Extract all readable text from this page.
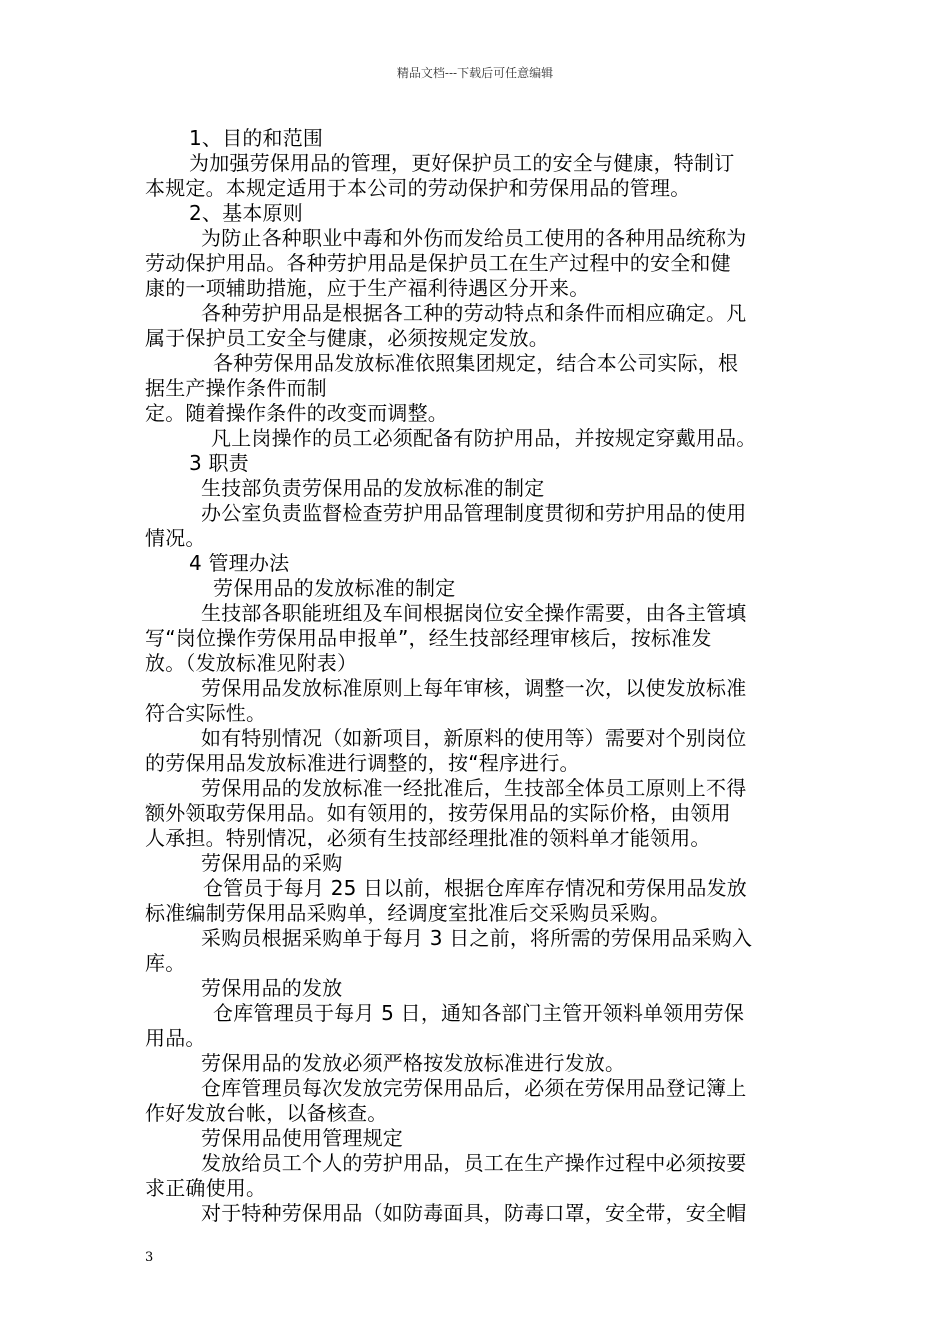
精品文档---下载后可任意编辑
1、目的和范围
为加强劳保用品的管理，更好保护员工的安全与健康，特制订
本规定。本规定适用于本公司的劳动保护和劳保用品的管理。
2、基本原则
为防止各种职业中毒和外伤而发给员工使用的各种用品统称为
劳动保护用品。各种劳护用品是保护员工在生产过程中的安全和健
康的一项辅助措施，应于生产福利待遇区分开来。
各种劳护用品是根据各工种的劳动特点和条件而相应确定。凡
属于保护员工安全与健康，必须按规定发放。
各种劳保用品发放标准依照集团规定，结合本公司实际，根
据生产操作条件而制
定。随着操作条件的改变而调整。
凡上岗操作的员工必须配备有防护用品，并按规定穿戴用品。
3 职责
生技部负责劳保用品的发放标准的制定
办公室负责监督检查劳护用品管理制度贯彻和劳护用品的使用
情况。
4 管理办法
劳保用品的发放标准的制定
生技部各职能班组及车间根据岗位安全操作需要，由各主管填
写“岗位操作劳保用品申报单”，经生技部经理审核后，按标准发
放。（发放标准见附表）
劳保用品发放标准原则上每年审核，调整一次，以使发放标准
符合实际性。
如有特别情况（如新项目，新原料的使用等）需要对个别岗位
的劳保用品发放标准进行调整的，按“程序进行。
劳保用品的发放标准一经批准后，生技部全体员工原则上不得
额外领取劳保用品。如有领用的，按劳保用品的实际价格，由领用
人承担。特别情况，必须有生技部经理批准的领料单才能领用。
劳保用品的采购
仓管员于每月 25 日以前，根据仓库库存情况和劳保用品发放
标准编制劳保用品采购单，经调度室批准后交采购员采购。
采购员根据采购单于每月 3 日之前，将所需的劳保用品采购入
库。
劳保用品的发放
仓库管理员于每月 5 日，通知各部门主管开领料单领用劳保
用品。
劳保用品的发放必须严格按发放标准进行发放。
仓库管理员每次发放完劳保用品后，必须在劳保用品登记簿上
作好发放台帐，以备核查。
劳保用品使用管理规定
发放给员工个人的劳护用品，员工在生产操作过程中必须按要
求正确使用。
对于特种劳保用品（如防毒面具，防毒口罩，安全带，安全帽
3
